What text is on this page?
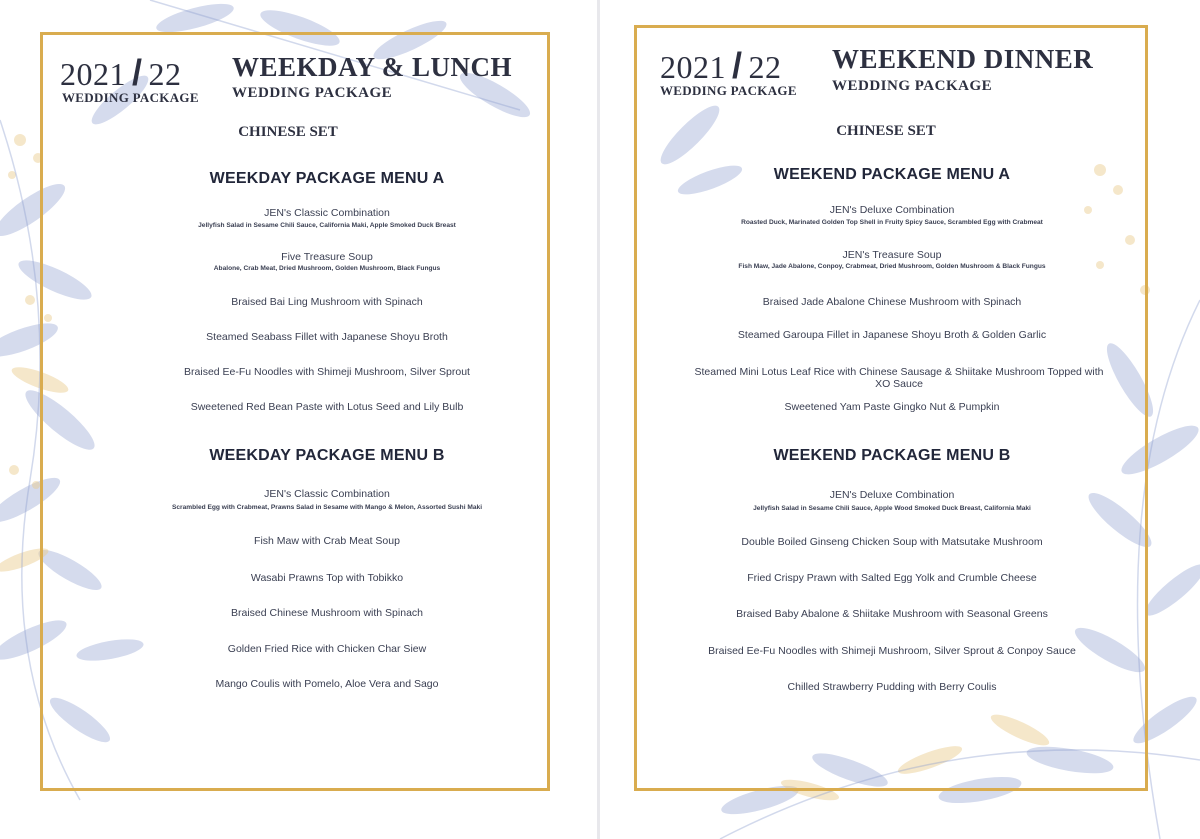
2021 / 22
WEDDING PACKAGE
WEEKDAY & LUNCH
WEDDING PACKAGE
CHINESE SET
WEEKDAY PACKAGE MENU A
JEN's Classic Combination
Jellyfish Salad in Sesame Chili Sauce, California Maki, Apple Smoked Duck Breast
Five Treasure Soup
Abalone, Crab Meat, Dried Mushroom, Golden Mushroom, Black Fungus
Braised Bai Ling Mushroom with Spinach
Steamed Seabass Fillet with Japanese Shoyu Broth
Braised Ee-Fu Noodles with Shimeji Mushroom, Silver Sprout
Sweetened Red Bean Paste with Lotus Seed and Lily Bulb
WEEKDAY PACKAGE MENU B
JEN's Classic Combination
Scrambled Egg with Crabmeat, Prawns Salad in Sesame with Mango & Melon, Assorted Sushi Maki
Fish Maw with Crab Meat Soup
Wasabi Prawns Top with Tobikko
Braised Chinese Mushroom with Spinach
Golden Fried Rice with Chicken Char Siew
Mango Coulis with Pomelo, Aloe Vera and Sago
2021 / 22
WEDDING PACKAGE
WEEKEND DINNER
WEDDING PACKAGE
CHINESE SET
WEEKEND PACKAGE MENU A
JEN's Deluxe Combination
Roasted Duck, Marinated Golden Top Shell in Fruity Spicy Sauce, Scrambled Egg with Crabmeat
JEN's Treasure Soup
Fish Maw, Jade Abalone, Conpoy, Crabmeat, Dried Mushroom, Golden Mushroom & Black Fungus
Braised Jade Abalone Chinese Mushroom with Spinach
Steamed Garoupa Fillet in Japanese Shoyu Broth & Golden Garlic
Steamed Mini Lotus Leaf Rice with Chinese Sausage & Shiitake Mushroom Topped with XO Sauce
Sweetened Yam Paste Gingko Nut & Pumpkin
WEEKEND PACKAGE MENU B
JEN's Deluxe Combination
Jellyfish Salad in Sesame Chili Sauce, Apple Wood Smoked Duck Breast, California Maki
Double Boiled Ginseng Chicken Soup with Matsutake Mushroom
Fried Crispy Prawn with Salted Egg Yolk and Crumble Cheese
Braised Baby Abalone & Shiitake Mushroom with Seasonal Greens
Braised Ee-Fu Noodles with Shimeji Mushroom, Silver Sprout & Conpoy Sauce
Chilled Strawberry Pudding with Berry Coulis
